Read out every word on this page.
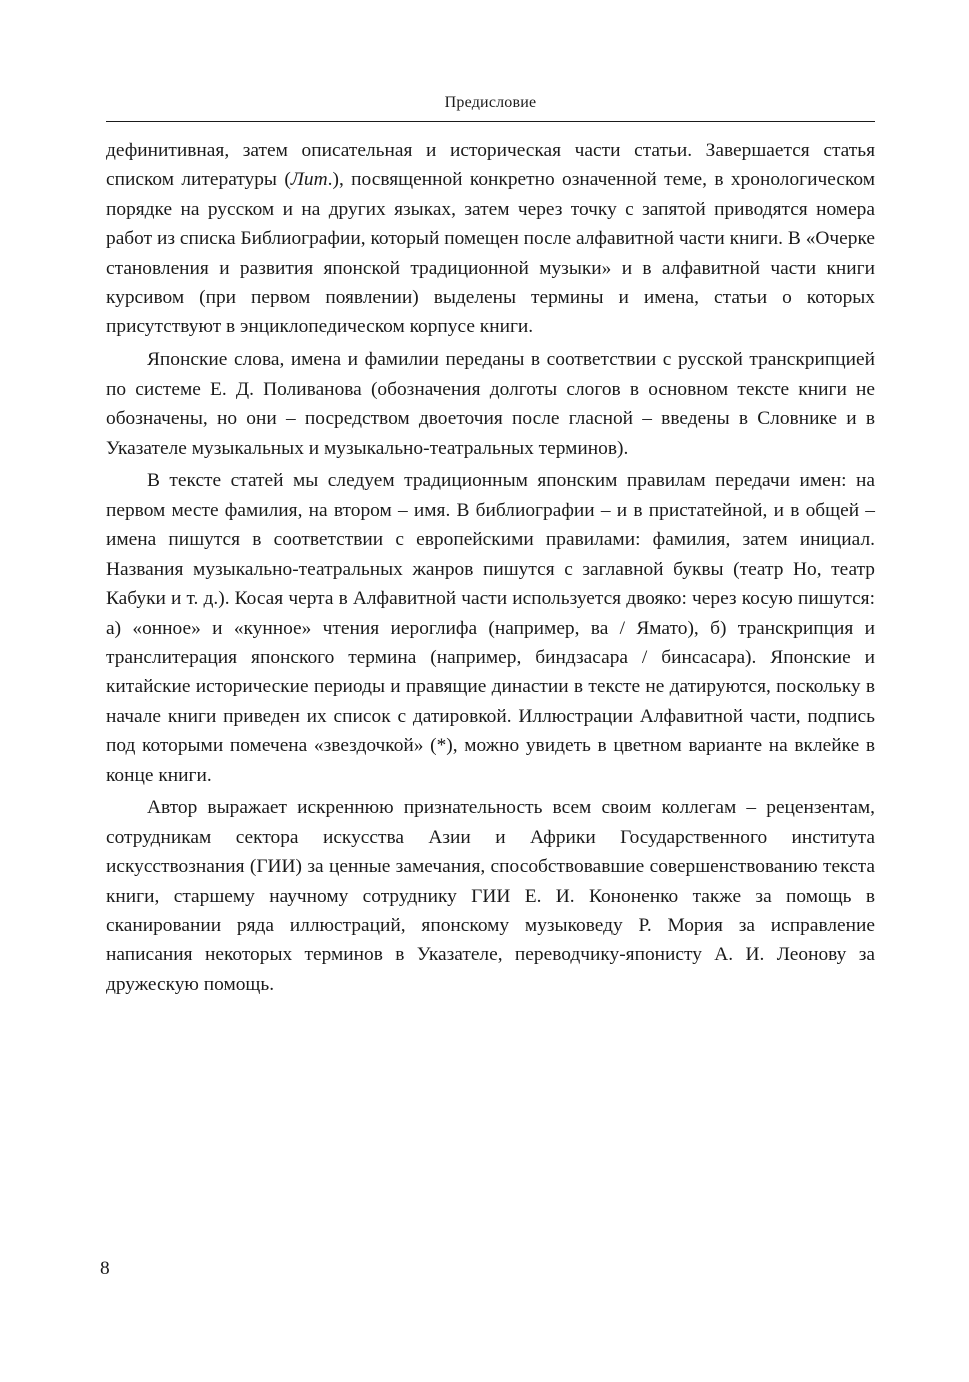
Предисловие

дефинитивная, затем описательная и историческая части статьи. Завершается статья списком литературы (Лит.), посвященной конкретно означенной теме, в хронологическом порядке на русском и на других языках, затем через точку с запятой приводятся номера работ из списка Библиографии, который помещен после алфавитной части книги. В «Очерке становления и развития японской традиционной музыки» и в алфавитной части книги курсивом (при первом появлении) выделены термины и имена, статьи о которых присутствуют в энциклопедическом корпусе книги.

Японские слова, имена и фамилии переданы в соответствии с русской транскрипцией по системе Е. Д. Поливанова (обозначения долготы слогов в основном тексте книги не обозначены, но они – посредством двоеточия после гласной – введены в Словнике и в Указателе музыкальных и музыкально-театральных терминов).

В тексте статей мы следуем традиционным японским правилам передачи имен: на первом месте фамилия, на втором – имя. В библиографии – и в пристатейной, и в общей – имена пишутся в соответствии с европейскими правилами: фамилия, затем инициал. Названия музыкально-театральных жанров пишутся с заглавной буквы (театр Но, театр Кабуки и т. д.). Косая черта в Алфавитной части используется двояко: через косую пишутся: а) «онное» и «кунное» чтения иероглифа (например, ва / Ямато), б) транскрипция и транслитерация японского термина (например, биндзасара / бинсасара). Японские и китайские исторические периоды и правящие династии в тексте не датируются, поскольку в начале книги приведен их список с датировкой. Иллюстрации Алфавитной части, подпись под которыми помечена «звездочкой» (*), можно увидеть в цветном варианте на вклейке в конце книги.

Автор выражает искреннюю признательность всем своим коллегам – рецензентам, сотрудникам сектора искусства Азии и Африки Государственного института искусствознания (ГИИ) за ценные замечания, способствовавшие совершенствованию текста книги, старшему научному сотруднику ГИИ Е. И. Кононенко также за помощь в сканировании ряда иллюстраций, японскому музыковеду Р. Мория за исправление написания некоторых терминов в Указателе, переводчику-японисту А. И. Леонову за дружескую помощь.

8
